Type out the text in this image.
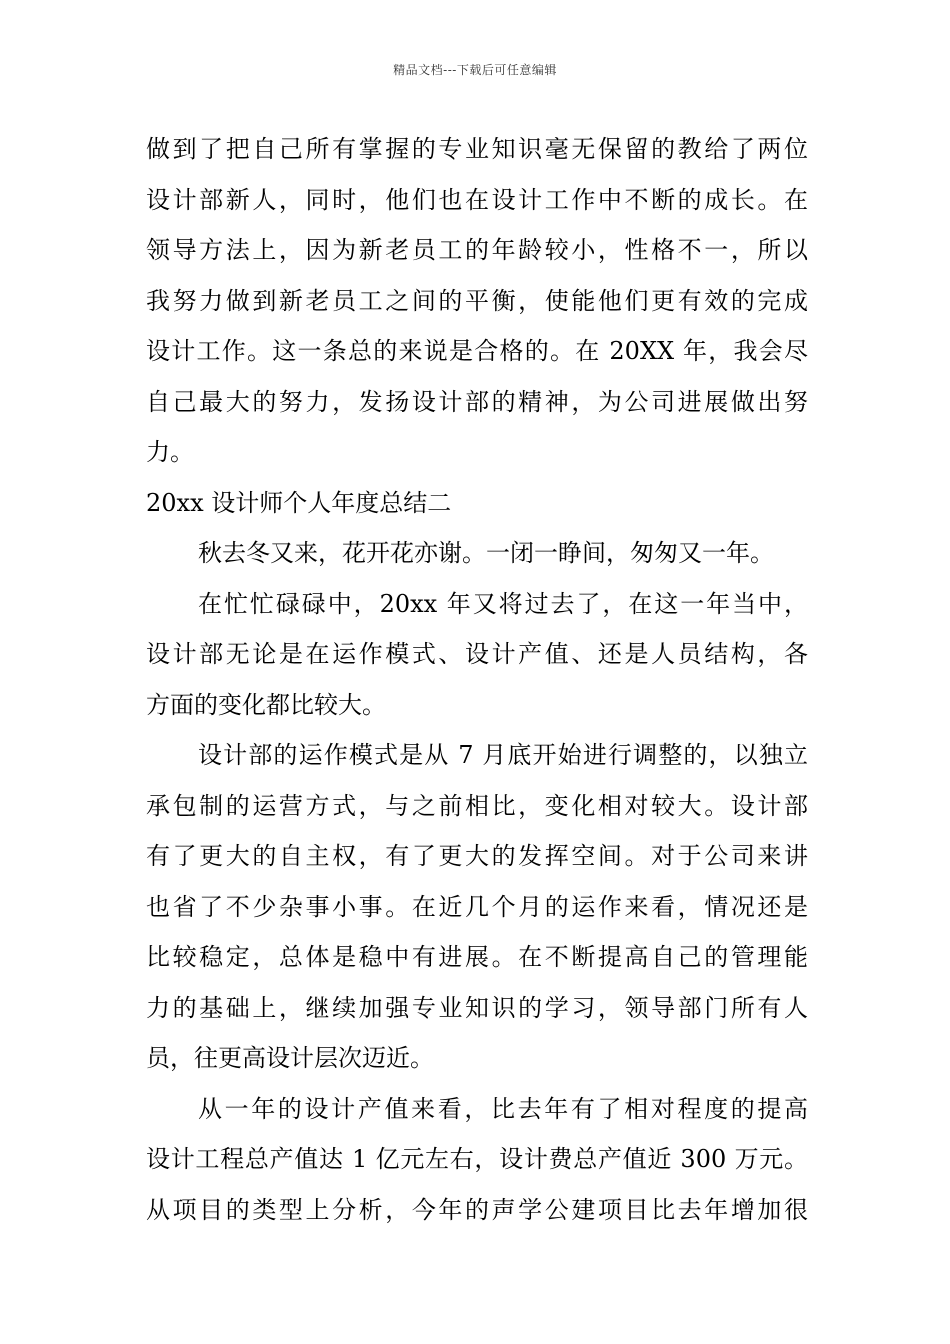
精品文档---下载后可任意编辑
做到了把自己所有掌握的专业知识毫无保留的教给了两位
设计部新人，同时，他们也在设计工作中不断的成长。在
领导方法上，因为新老员工的年龄较小，性格不一，所以
我努力做到新老员工之间的平衡，使能他们更有效的完成
设计工作。这一条总的来说是合格的。在 20XX 年，我会尽
自己最大的努力，发扬设计部的精神，为公司进展做出努
力。
20xx 设计师个人年度总结二
秋去冬又来，花开花亦谢。一闭一睁间，匆匆又一年。
在忙忙碌碌中，20xx 年又将过去了，在这一年当中，
设计部无论是在运作模式、设计产值、还是人员结构，各
方面的变化都比较大。
设计部的运作模式是从 7 月底开始进行调整的，以独立
承包制的运营方式，与之前相比，变化相对较大。设计部
有了更大的自主权，有了更大的发挥空间。对于公司来讲
也省了不少杂事小事。在近几个月的运作来看，情况还是
比较稳定，总体是稳中有进展。在不断提高自己的管理能
力的基础上，继续加强专业知识的学习，领导部门所有人
员，往更高设计层次迈近。
从一年的设计产值来看，比去年有了相对程度的提高
设计工程总产值达 1 亿元左右，设计费总产值近 300 万元。
从项目的类型上分析，今年的声学公建项目比去年增加很
